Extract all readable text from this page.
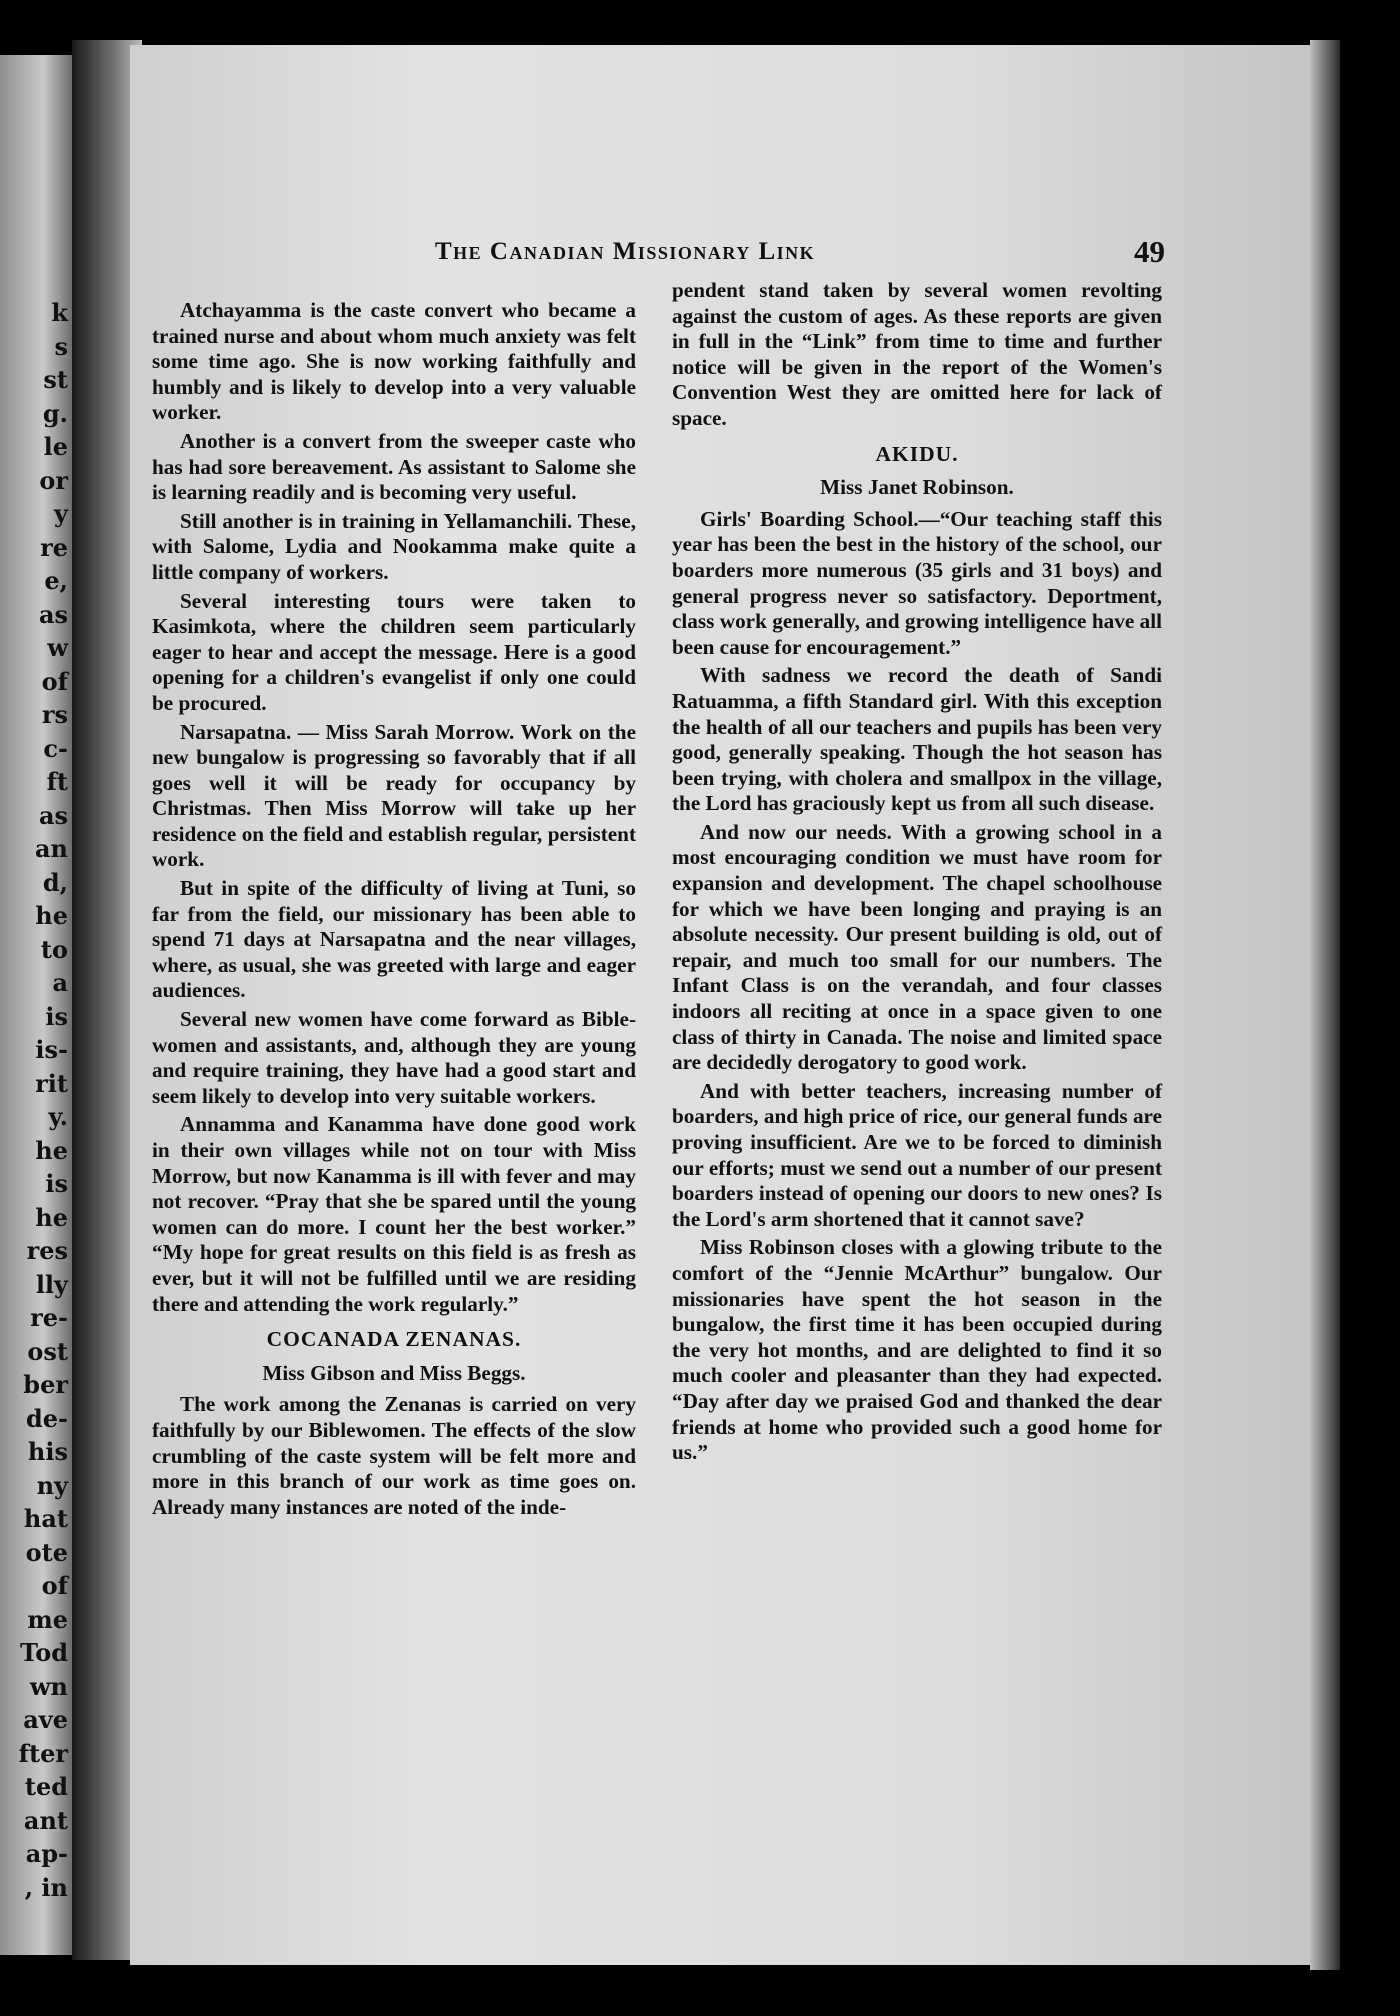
k
s
st
g.
le
or
y
re
e,
as
w
of
rs
c-
ft
as
an
d,
he
to
a
is
is-
rit
y.
he
is
he
res
lly
re-
ost
ber
de-
his
ny
hat
ote
of
me
Tod
wn
ave
fter
ted
ant
ap-
, in
The Canadian Missionary Link	49

Atchayamma is the caste convert who became a trained nurse and about whom much anxiety was felt some time ago. She is now working faithfully and humbly and is likely to develop into a very valuable worker.

Another is a convert from the sweeper caste who has had sore bereavement. As assistant to Salome she is learning readily and is becoming very useful.

Still another is in training in Yellamanchili. These, with Salome, Lydia and Nookamma make quite a little company of workers.

Several interesting tours were taken to Kasimkota, where the children seem particularly eager to hear and accept the message. Here is a good opening for a children's evangelist if only one could be procured.

Narsapatna. — Miss Sarah Morrow. Work on the new bungalow is progressing so favorably that if all goes well it will be ready for occupancy by Christmas. Then Miss Morrow will take up her residence on the field and establish regular, persistent work.

But in spite of the difficulty of living at Tuni, so far from the field, our missionary has been able to spend 71 days at Narsapatna and the near villages, where, as usual, she was greeted with large and eager audiences.

Several new women have come forward as Bible-women and assistants, and, although they are young and require training, they have had a good start and seem likely to develop into very suitable workers.

Annamma and Kanamma have done good work in their own villages while not on tour with Miss Morrow, but now Kanamma is ill with fever and may not recover. “Pray that she be spared until the young women can do more. I count her the best worker.” “My hope for great results on this field is as fresh as ever, but it will not be fulfilled until we are residing there and attending the work regularly.”

COCANADA ZENANAS.

Miss Gibson and Miss Beggs.

The work among the Zenanas is carried on very faithfully by our Biblewomen. The effects of the slow crumbling of the caste system will be felt more and more in this branch of our work as time goes on. Already many instances are noted of the inde-

pendent stand taken by several women revolting against the custom of ages. As these reports are given in full in the “Link” from time to time and further notice will be given in the report of the Women's Convention West they are omitted here for lack of space.

AKIDU.

Miss Janet Robinson.

Girls' Boarding School.—“Our teaching staff this year has been the best in the history of the school, our boarders more numerous (35 girls and 31 boys) and general progress never so satisfactory. Deportment, class work generally, and growing intelligence have all been cause for encouragement.”

With sadness we record the death of Sandi Ratuamma, a fifth Standard girl. With this exception the health of all our teachers and pupils has been very good, generally speaking. Though the hot season has been trying, with cholera and smallpox in the village, the Lord has graciously kept us from all such disease.

And now our needs. With a growing school in a most encouraging condition we must have room for expansion and development. The chapel schoolhouse for which we have been longing and praying is an absolute necessity. Our present building is old, out of repair, and much too small for our numbers. The Infant Class is on the verandah, and four classes indoors all reciting at once in a space given to one class of thirty in Canada. The noise and limited space are decidedly derogatory to good work.

And with better teachers, increasing number of boarders, and high price of rice, our general funds are proving insufficient. Are we to be forced to diminish our efforts; must we send out a number of our present boarders instead of opening our doors to new ones? Is the Lord's arm shortened that it cannot save?

Miss Robinson closes with a glowing tribute to the comfort of the “Jennie McArthur” bungalow. Our missionaries have spent the hot season in the bungalow, the first time it has been occupied during the very hot months, and are delighted to find it so much cooler and pleasanter than they had expected. “Day after day we praised God and thanked the dear friends at home who provided such a good home for us.”
